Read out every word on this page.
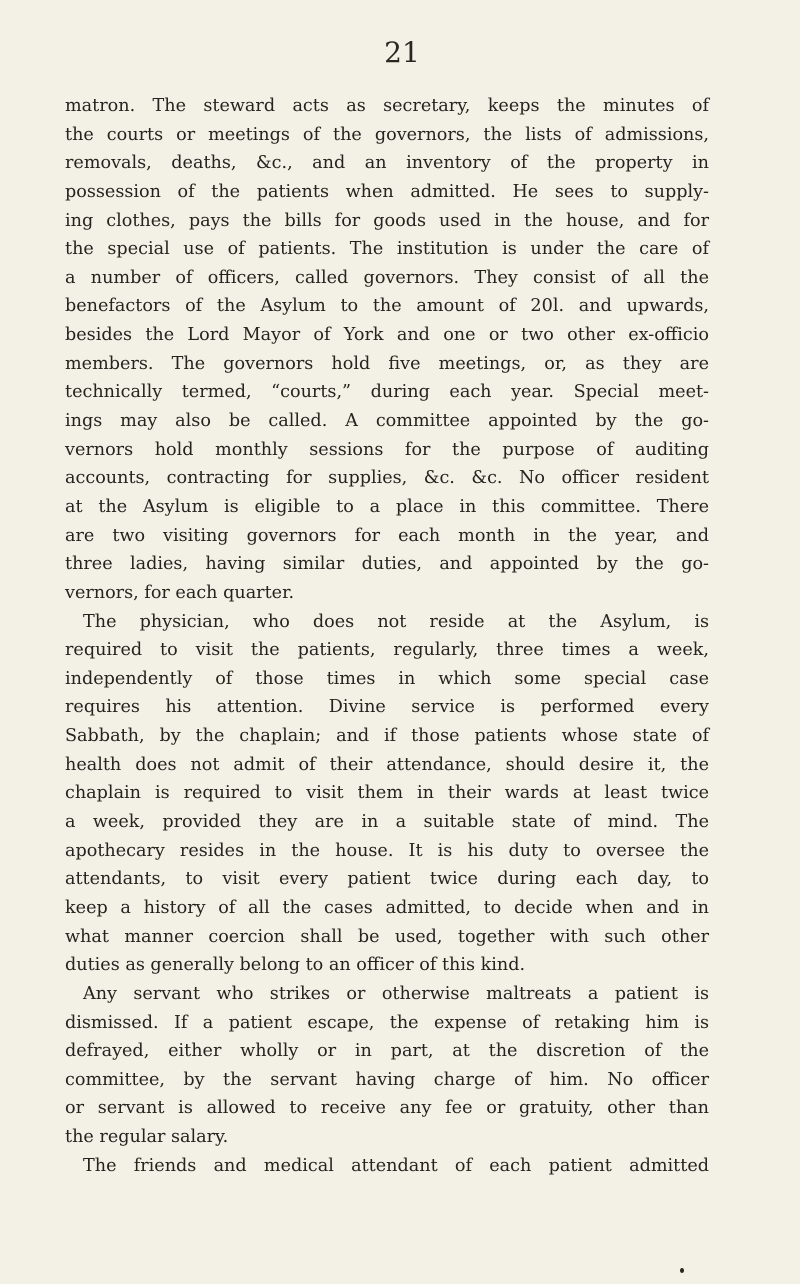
21
matron. The steward acts as secretary, keeps the minutes of
the courts or meetings of the governors, the lists of admissions,
removals, deaths, &c., and an inventory of the property in
possession of the patients when admitted. He sees to supply-
ing clothes, pays the bills for goods used in the house, and for
the special use of patients. The institution is under the care of
a number of officers, called governors. They consist of all the
benefactors of the Asylum to the amount of 20l. and upwards,
besides the Lord Mayor of York and one or two other ex-officio
members. The governors hold five meetings, or, as they are
technically termed, “courts,” during each year. Special meet-
ings may also be called. A committee appointed by the go-
vernors hold monthly sessions for the purpose of auditing
accounts, contracting for supplies, &c. &c. No officer resident
at the Asylum is eligible to a place in this committee. There
are two visiting governors for each month in the year, and
three ladies, having similar duties, and appointed by the go-
vernors, for each quarter.
The physician, who does not reside at the Asylum, is
required to visit the patients, regularly, three times a week,
independently of those times in which some special case
requires his attention. Divine service is performed every
Sabbath, by the chaplain; and if those patients whose state of
health does not admit of their attendance, should desire it, the
chaplain is required to visit them in their wards at least twice
a week, provided they are in a suitable state of mind. The
apothecary resides in the house. It is his duty to oversee the
attendants, to visit every patient twice during each day, to
keep a history of all the cases admitted, to decide when and in
what manner coercion shall be used, together with such other
duties as generally belong to an officer of this kind.
Any servant who strikes or otherwise maltreats a patient is
dismissed. If a patient escape, the expense of retaking him is
defrayed, either wholly or in part, at the discretion of the
committee, by the servant having charge of him. No officer
or servant is allowed to receive any fee or gratuity, other than
the regular salary.
The friends and medical attendant of each patient admitted
